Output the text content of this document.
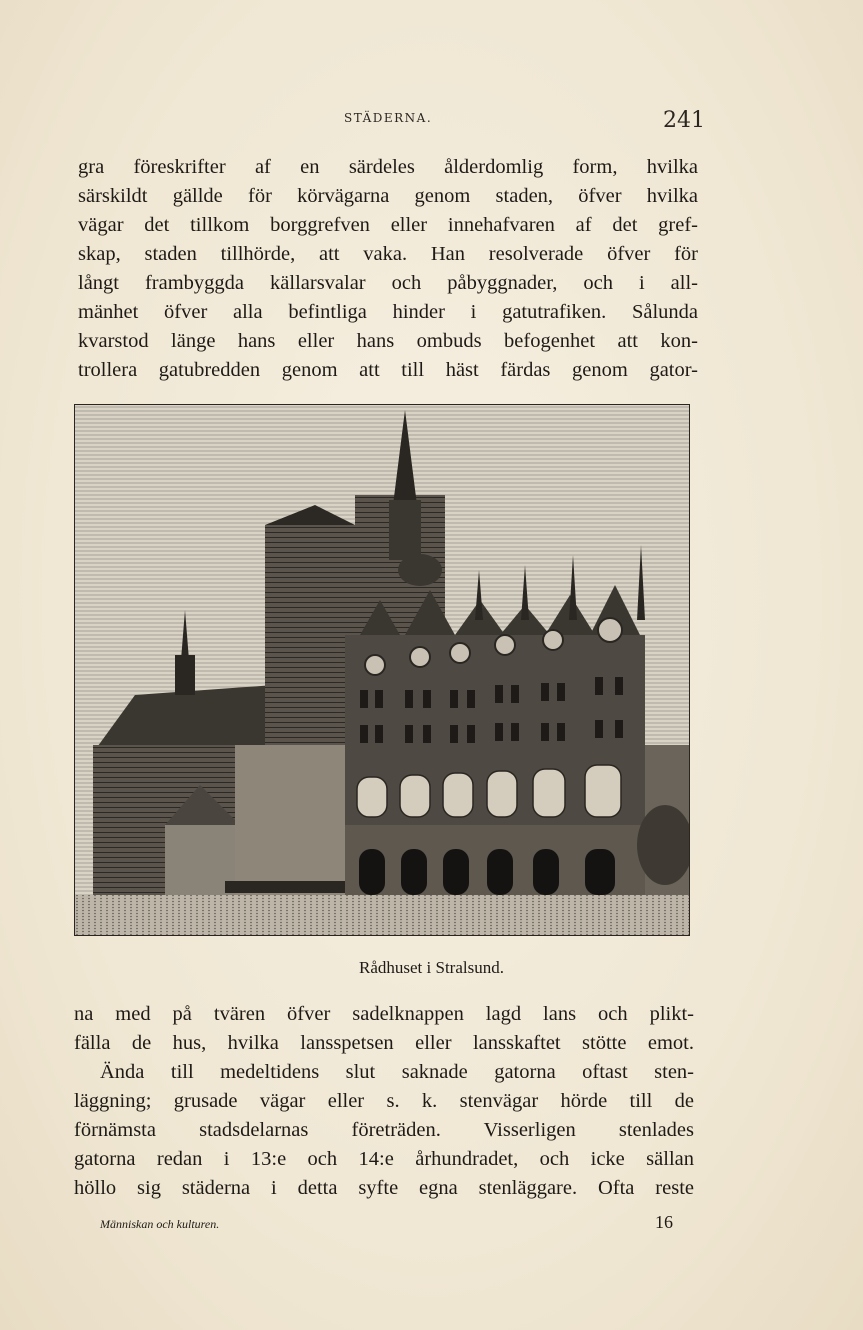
STÄDERNA.	241
gra föreskrifter af en särdeles ålderdomlig form, hvilka
särskildt gällde för körvägarna genom staden, öfver hvilka
vägar det tillkom borggrefven eller innehafvaren af det gref-
skap, staden tillhörde, att vaka. Han resolverade öfver för
långt frambyggda källarsvalar och påbyggnader, och i all-
mänhet öfver alla befintliga hinder i gatutrafiken. Sålunda
kvarstod länge hans eller hans ombuds befogenhet att kon-
trollera gatubredden genom att till häst färdas genom gator-
Rådhuset i Stralsund.
na med på tvären öfver sadelknappen lagd lans och plikt-
fälla de hus, hvilka lansspetsen eller lansskaftet stötte emot.
Ända till medeltidens slut saknade gatorna oftast sten-
läggning; grusade vägar eller s. k. stenvägar hörde till de
förnämsta stadsdelarnas företräden. Visserligen stenlades
gatorna redan i 13:e och 14:e århundradet, och icke sällan
höllo sig städerna i detta syfte egna stenläggare. Ofta reste
Människan och kulturen.	16
